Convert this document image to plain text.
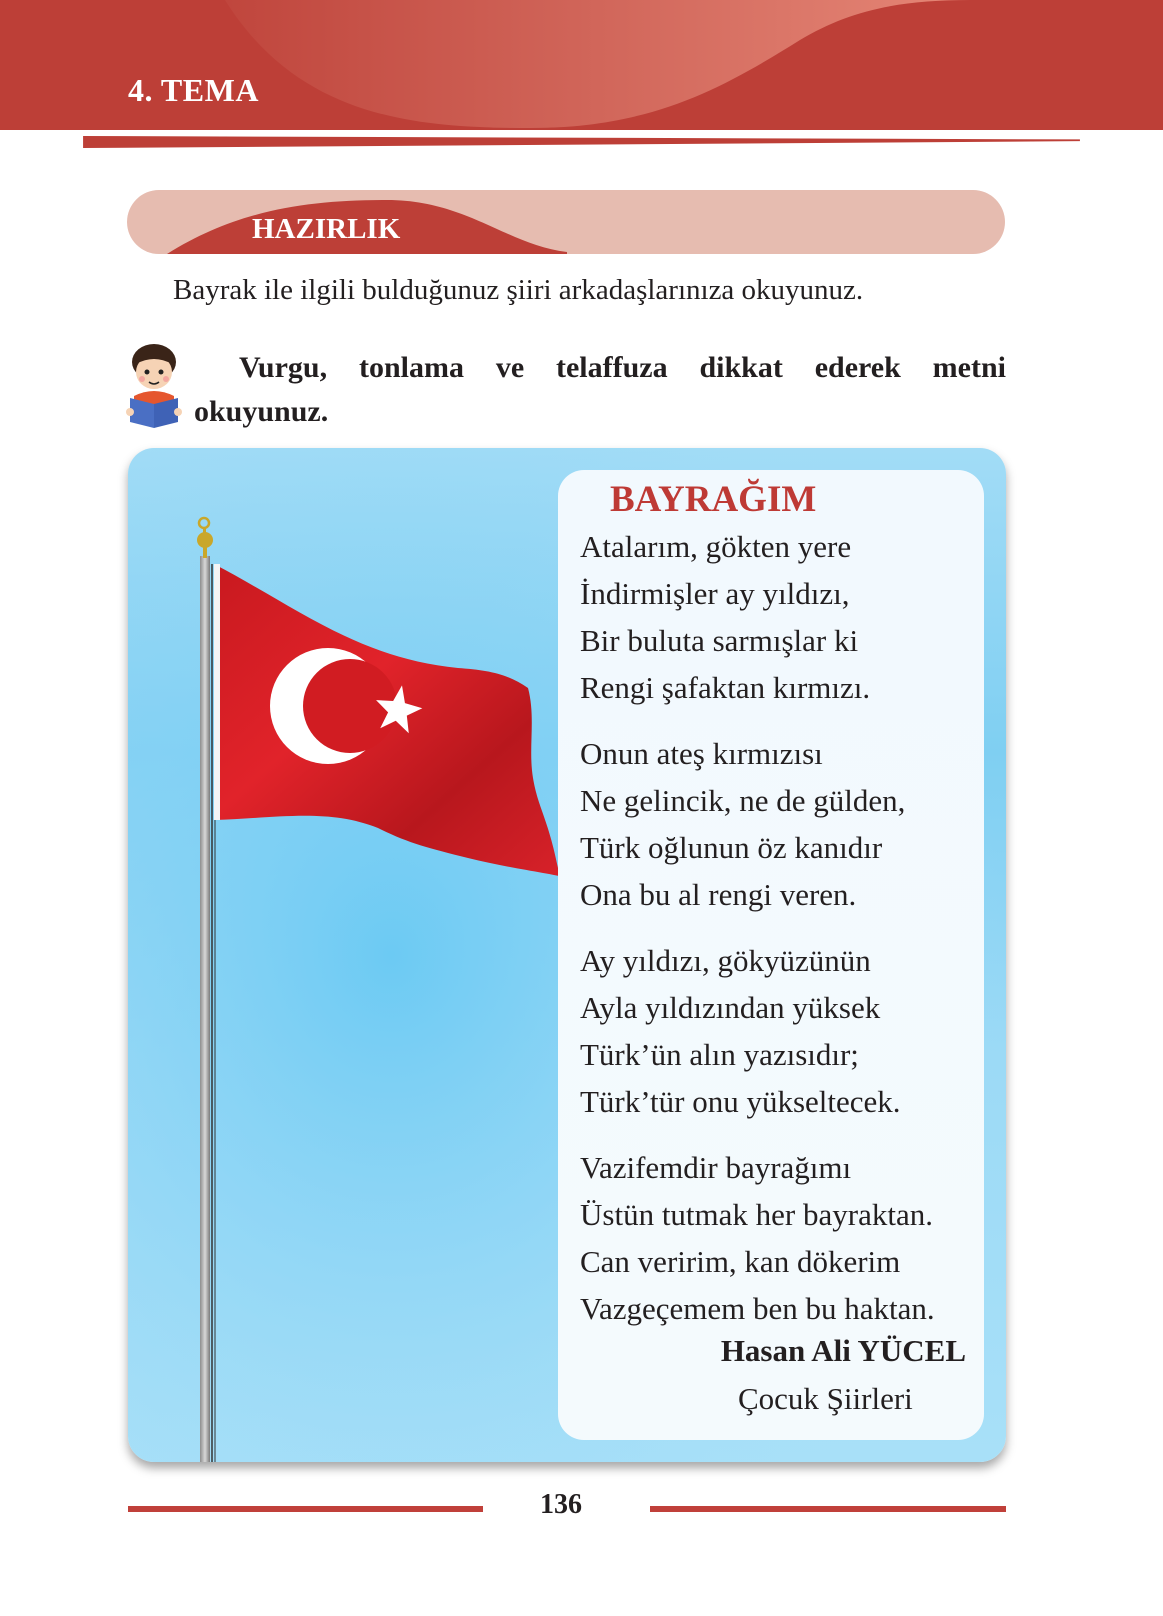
4. TEMA
HAZIRLIK
Bayrak ile ilgili bulduğunuz şiiri arkadaşlarınıza okuyunuz.
Vurgu, tonlama ve telaffuza dikkat ederek metni
okuyunuz.
BAYRAĞIM
Atalarım, gökten yere
İndirmişler ay yıldızı,
Bir buluta sarmışlar ki
Rengi şafaktan kırmızı.
Onun ateş kırmızısı
Ne gelincik, ne de gülden,
Türk oğlunun öz kanıdır
Ona bu al rengi veren.
Ay yıldızı, gökyüzünün
Ayla yıldızından yüksek
Türk’ün alın yazısıdır;
Türk’tür onu yükseltecek.
Vazifemdir bayrağımı
Üstün tutmak her bayraktan.
Can veririm, kan dökerim
Vazgeçemem ben bu haktan.
Hasan Ali YÜCEL
Çocuk Şiirleri
136
